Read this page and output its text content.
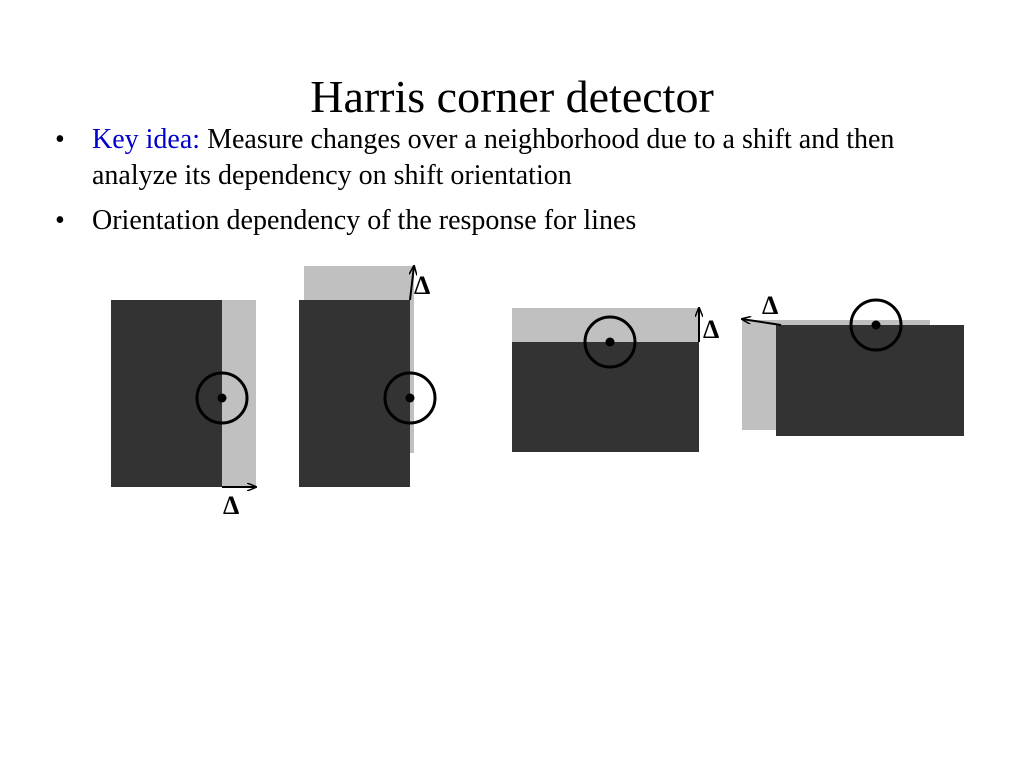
Harris corner detector
• Key idea: Measure changes over a neighborhood due to a shift and then analyze its dependency on shift orientation
• Orientation dependency of the response for lines
Δ
Δ
Δ
Δ
